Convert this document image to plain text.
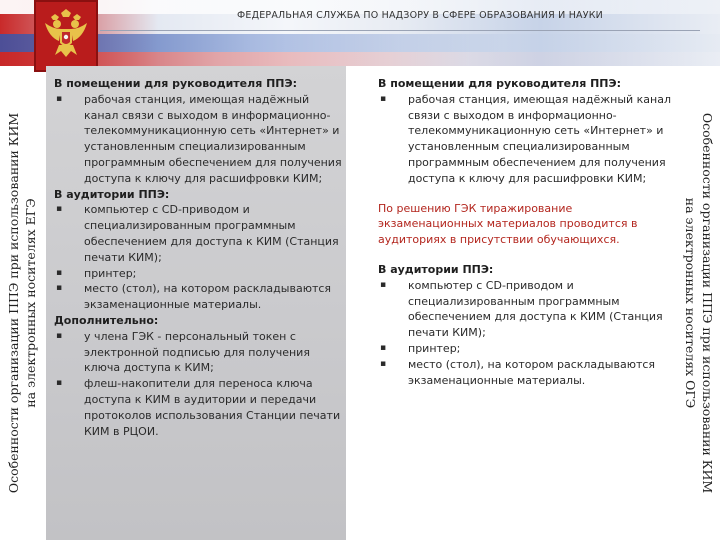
ФЕДЕРАЛЬНАЯ СЛУЖБА ПО НАДЗОРУ В СФЕРЕ ОБРАЗОВАНИЯ И НАУКИ
Особенности организации ППЭ при использовании КИМ на электронных носителях ЕГЭ	Особенности организации ППЭ при использовании КИМ
на электронных носителях ОГЭ
В помещении для руководителя ППЭ:
▪ рабочая станция, имеющая надёжный канал связи с выходом в информационно-телекоммуникационную сеть «Интернет» и установленным специализированным программным обеспечением для получения доступа к ключу для расшифровки КИМ;
В аудитории ППЭ:
▪ компьютер с CD-приводом и специализированным программным обеспечением для доступа к КИМ (Станция печати КИМ);
▪ принтер;
▪ место (стол), на котором раскладываются экзаменационные материалы.
Дополнительно:
▪ у члена ГЭК - персональный токен с электронной подписью для получения ключа доступа к КИМ;
▪ флеш-накопители для переноса ключа доступа к КИМ в аудитории и передачи протоколов использования Станции печати КИМ в РЦОИ.
В помещении для руководителя ППЭ:
▪ рабочая станция, имеющая надёжный канал связи с выходом в информационно-телекоммуникационную сеть «Интернет» и установленным специализированным программным обеспечением для получения доступа к ключу для расшифровки КИМ;
По решению ГЭК тиражирование экзаменационных материалов проводится в аудиториях в присутствии обучающихся.
В аудитории ППЭ:
▪ компьютер с CD-приводом и специализированным программным обеспечением для доступа к КИМ (Станция печати КИМ);
▪ принтер;
▪ место (стол), на котором раскладываются экзаменационные материалы.
